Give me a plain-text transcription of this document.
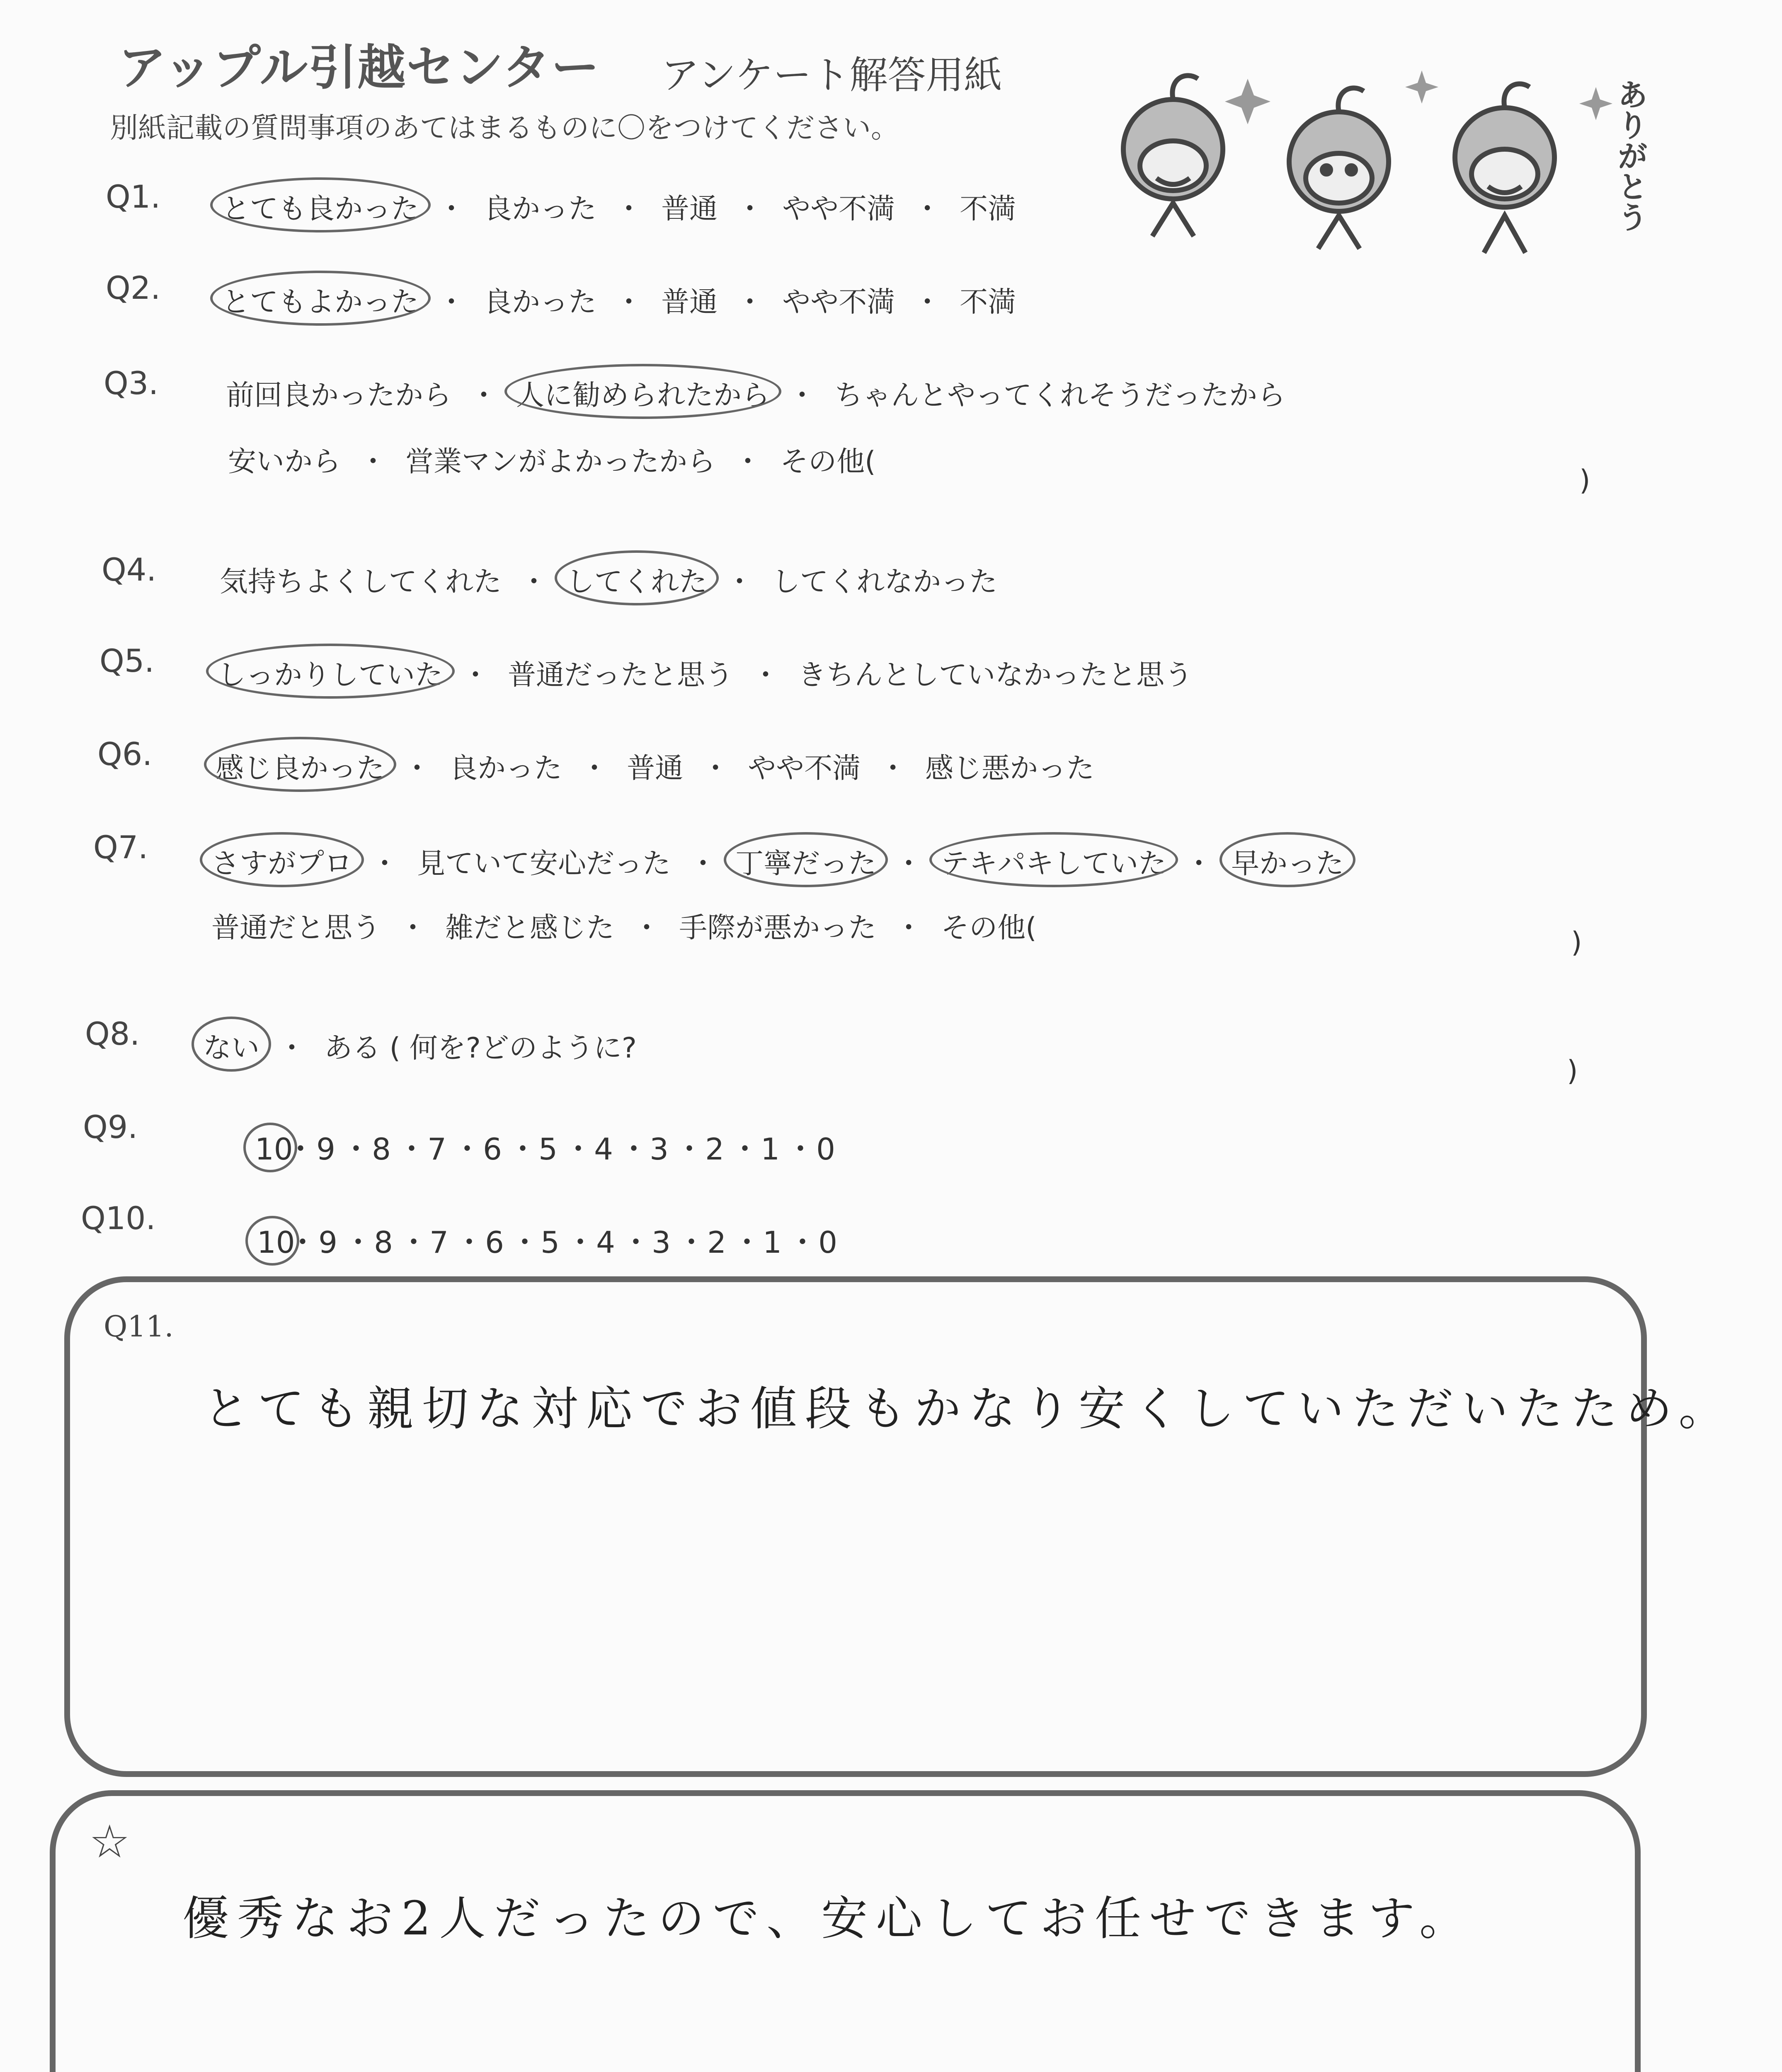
アップル引越センター アンケート解答用紙
別紙記載の質問事項のあてはまるものに〇をつけてください。	ありがとう
Q1. とても良かった ・ 良かった ・ 普通 ・ やや不満 ・ 不満
Q2. とてもよかった ・ 良かった ・ 普通 ・ やや不満 ・ 不満
Q3. 前回良かったから ・ 人に勧められたから ・ ちゃんとやってくれそうだったから
安いから ・ 営業マンがよかったから ・ その他(
)
Q4. 気持ちよくしてくれた ・ してくれた ・ してくれなかった
Q5. しっかりしていた ・ 普通だったと思う ・ きちんとしていなかったと思う
Q6. 感じ良かった ・ 良かった ・ 普通 ・ やや不満 ・ 感じ悪かった
Q7. さすがプロ ・ 見ていて安心だった ・ 丁寧だった ・ テキパキしていた ・ 早かった
普通だと思う ・ 雑だと感じた ・ 手際が悪かった ・ その他(	)
Q8. ない ・ ある ( 何を?どのように?
)
Q9.
10・9 ・8 ・7 ・6 ・5 ・4 ・3 ・2 ・1 ・0
Q10.
10・9 ・8 ・7 ・6 ・5 ・4 ・3 ・2 ・1 ・0
Q11.
とても親切な対応でお値段もかなり安くしていただいたため。
☆
優秀なお2人だったので、安心してお任せできます。
